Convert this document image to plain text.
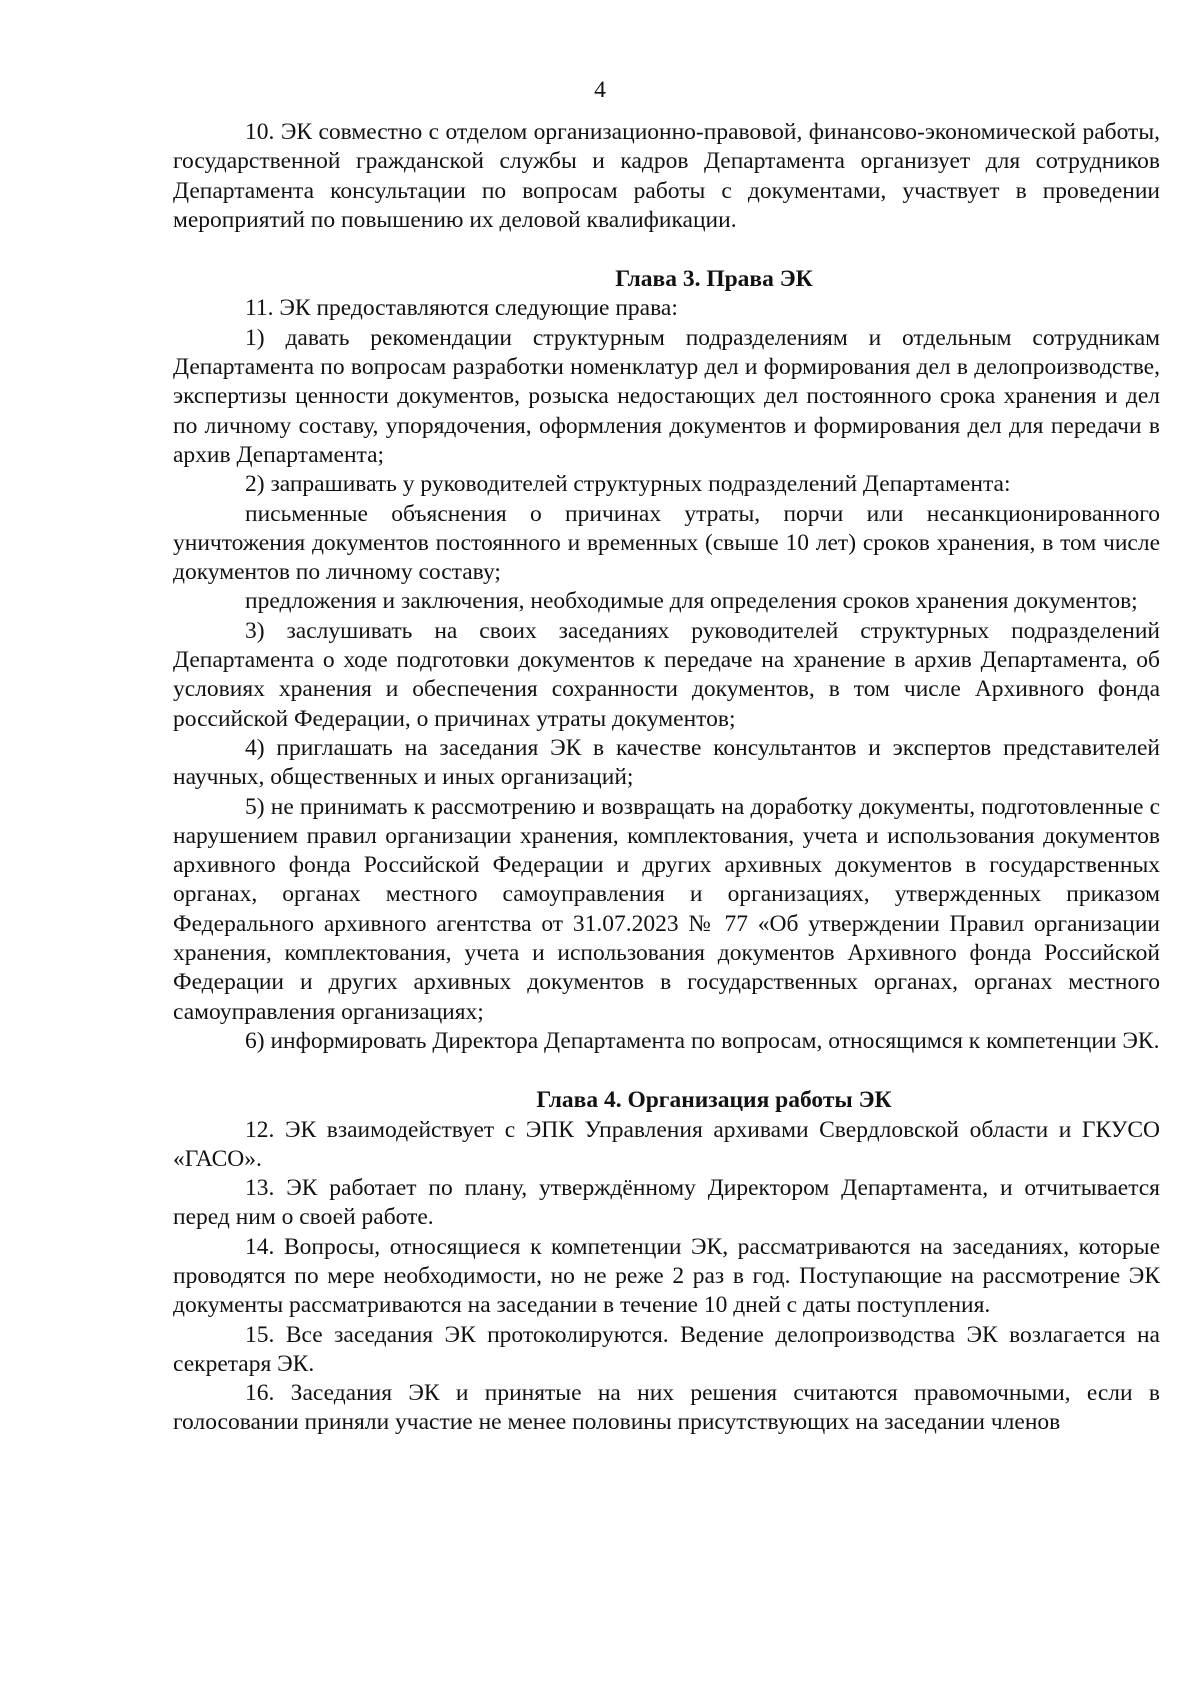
4

10. ЭК совместно с отделом организационно-правовой, финансово-экономической работы, государственной гражданской службы и кадров Департамента организует для сотрудников Департамента консультации по вопросам работы с документами, участвует в проведении мероприятий по повышению их деловой квалификации.

Глава 3. Права ЭК

11. ЭК предоставляются следующие права:

1) давать рекомендации структурным подразделениям и отдельным сотрудникам Департамента по вопросам разработки номенклатур дел и формирования дел в делопроизводстве, экспертизы ценности документов, розыска недостающих дел постоянного срока хранения и дел по личному составу, упорядочения, оформления документов и формирования дел для передачи в архив Департамента;

2) запрашивать у руководителей структурных подразделений Департамента:

письменные объяснения о причинах утраты, порчи или несанкционированного уничтожения документов постоянного и временных (свыше 10 лет) сроков хранения, в том числе документов по личному составу;

предложения и заключения, необходимые для определения сроков хранения документов;

3) заслушивать на своих заседаниях руководителей структурных подразделений Департамента о ходе подготовки документов к передаче на хранение в архив Департамента, об условиях хранения и обеспечения сохранности документов, в том числе Архивного фонда российской Федерации, о причинах утраты документов;

4) приглашать на заседания ЭК в качестве консультантов и экспертов представителей научных, общественных и иных организаций;

5) не принимать к рассмотрению и возвращать на доработку документы, подготовленные с нарушением правил организации хранения, комплектования, учета и использования документов архивного фонда Российской Федерации и других архивных документов в государственных органах, органах местного самоуправления и организациях, утвержденных приказом Федерального архивного агентства от 31.07.2023 № 77 «Об утверждении Правил организации хранения, комплектования, учета и использования документов Архивного фонда Российской Федерации и других архивных документов в государственных органах, органах местного самоуправления организациях;

6) информировать Директора Департамента по вопросам, относящимся к компетенции ЭК.

Глава 4. Организация работы ЭК

12. ЭК взаимодействует с ЭПК Управления архивами Свердловской области и ГКУСО «ГАСО».

13. ЭК работает по плану, утверждённому Директором Департамента, и отчитывается перед ним о своей работе.

14. Вопросы, относящиеся к компетенции ЭК, рассматриваются на заседаниях, которые проводятся по мере необходимости, но не реже 2 раз в год. Поступающие на рассмотрение ЭК документы рассматриваются на заседании в течение 10 дней с даты поступления.

15. Все заседания ЭК протоколируются. Ведение делопроизводства ЭК возлагается на секретаря ЭК.

16. Заседания ЭК и принятые на них решения считаются правомочными, если в голосовании приняли участие не менее половины присутствующих на заседании членов
